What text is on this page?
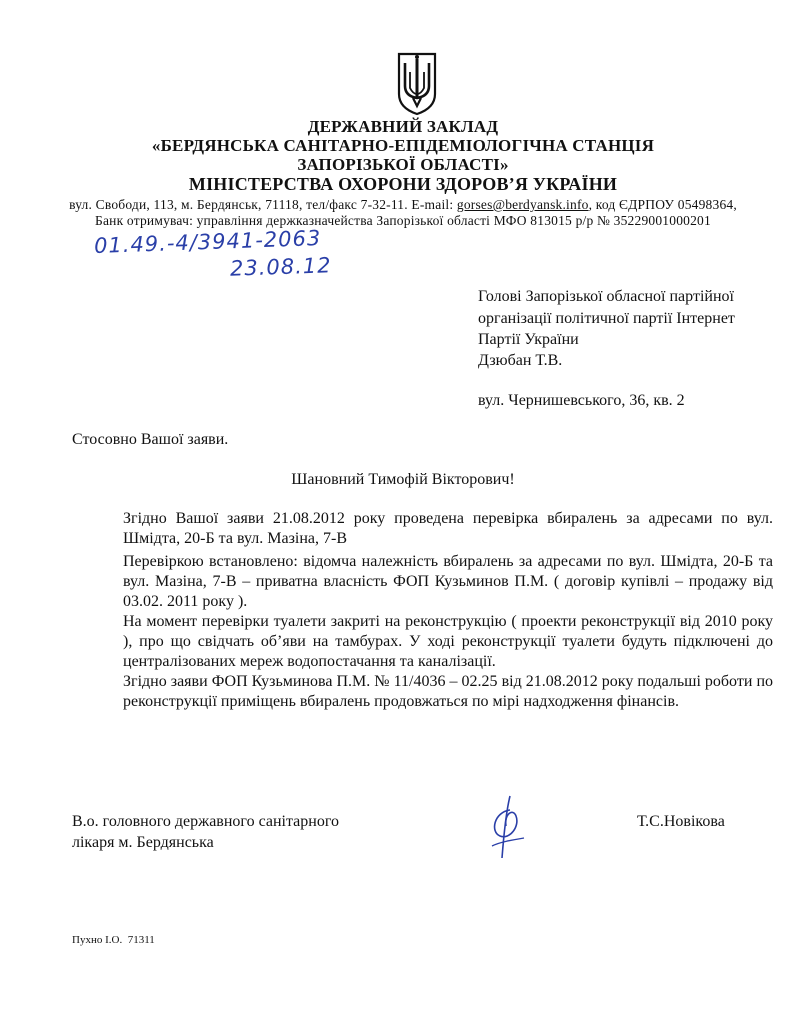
ДЕРЖАВНИЙ ЗАКЛАД
«БЕРДЯНСЬКА САНІТАРНО-ЕПІДЕМІОЛОГІЧНА СТАНЦІЯ
ЗАПОРІЗЬКОЇ ОБЛАСТІ»
МІНІСТЕРСТВА ОХОРОНИ ЗДОРОВ’Я УКРАЇНИ
вул. Свободи, 113, м. Бердянськ, 71118, тел/факс 7-32-11. E-mail: gorses@berdyansk.info, код ЄДРПОУ 05498364,
Банк отримувач: управління держказначейства Запорізької області МФО 813015 р/р № 35229001000201
01.49.-4/3941-2063
23.08.12
Голові Запорізької обласної партійної
організації політичної партії Інтернет
Партії України
Дзюбан Т.В.
вул. Чернишевського, 36, кв. 2
Стосовно Вашої заяви.
Шановний Тимофій Вікторович!
Згідно Вашої заяви 21.08.2012 року проведена перевірка вбиралень за адресами по вул. Шмідта, 20-Б та вул. Мазіна, 7-В
Перевіркою встановлено: відомча належність вбиралень за адресами по вул. Шмідта, 20-Б та вул. Мазіна, 7-В – приватна власність ФОП Кузьминов П.М. ( договір купівлі – продажу від 03.02. 2011 року ).
На момент перевірки туалети закриті на реконструкцію ( проекти реконструкції від 2010 року ), про що свідчать об’яви на тамбурах. У ході реконструкції туалети будуть підключені до централізованих мереж водопостачання та каналізації.
Згідно заяви ФОП Кузьминова П.М. № 11/4036 – 02.25 від 21.08.2012 року подальші роботи по реконструкції приміщень вбиралень продовжаться по мірі надходження фінансів.
В.о. головного державного санітарного
лікаря м. Бердянська
Т.С.Новікова
Пухно І.О. 71311
